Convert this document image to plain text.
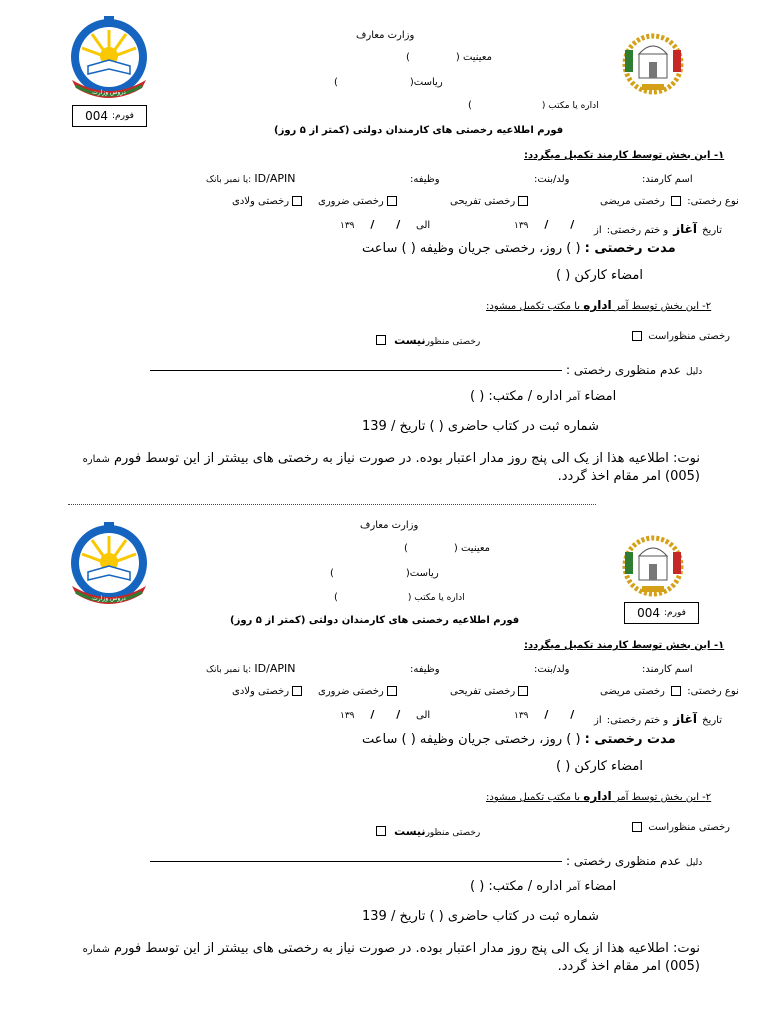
دروس وزارت
وزارت معارف
معینیت ()
ریاست()
اداره یا مکتب ()
فورم:
004
فورم اطلاعیه رخصتی های کارمندان دولتی (کمتر از ۵ روز)
۱- این بخش توسط کارمند تکمیل میگردد:
اسم کارمند:
ولد/بنت:
وظیفه:
یا نمبر بانک: ID/APIN
نوع رخصتی:  رخصتی مریضی
رخصتی تفریحی
رخصتی ضروری
رخصتی ولادی
تاریخ آغاز و ختم رخصتی: از
۱۳۹ / /
الی
۱۳۹ / /
مدت رخصتی : ( ) روز، رخصتی جریان وظیفه ( ) ساعت
امضاء کارکن ( )
۲- این بخش توسط آمر اداره یا مکتب تکمیل میشود:
رخصتی منظوراست
رخصتی منظورنیست
دلیل عدم منظوری رخصتی :
امضاء آمر اداره / مکتب: ( )
شماره ثبت در کتاب حاضری ( ) تاریخ / 139
نوت: اطلاعیه هذا از یک الی پنج روز مدار اعتبار بوده. در صورت نیاز به رخصتی های بیشتر از این توسط فورم شماره (005) امر مقام اخذ گردد.
دروس وزارت
وزارت معارف
معینیت ()
ریاست()
اداره یا مکتب ()
فورم:
004
فورم اطلاعیه رخصتی های کارمندان دولتی (کمتر از ۵ روز)
۱- این بخش توسط کارمند تکمیل میگردد:
اسم کارمند:
ولد/بنت:
وظیفه:
یا نمبر بانک: ID/APIN
نوع رخصتی:  رخصتی مریضی
رخصتی تفریحی
رخصتی ضروری
رخصتی ولادی
تاریخ آغاز و ختم رخصتی: از
۱۳۹ / /
الی
۱۳۹ / /
مدت رخصتی : ( ) روز، رخصتی جریان وظیفه ( ) ساعت
امضاء کارکن ( )
۲- این بخش توسط آمر اداره یا مکتب تکمیل میشود:
رخصتی منظوراست
رخصتی منظورنیست
دلیل عدم منظوری رخصتی :
امضاء آمر اداره / مکتب: ( )
شماره ثبت در کتاب حاضری ( ) تاریخ / 139
نوت: اطلاعیه هذا از یک الی پنج روز مدار اعتبار بوده. در صورت نیاز به رخصتی های بیشتر از این توسط فورم شماره (005) امر مقام اخذ گردد.
